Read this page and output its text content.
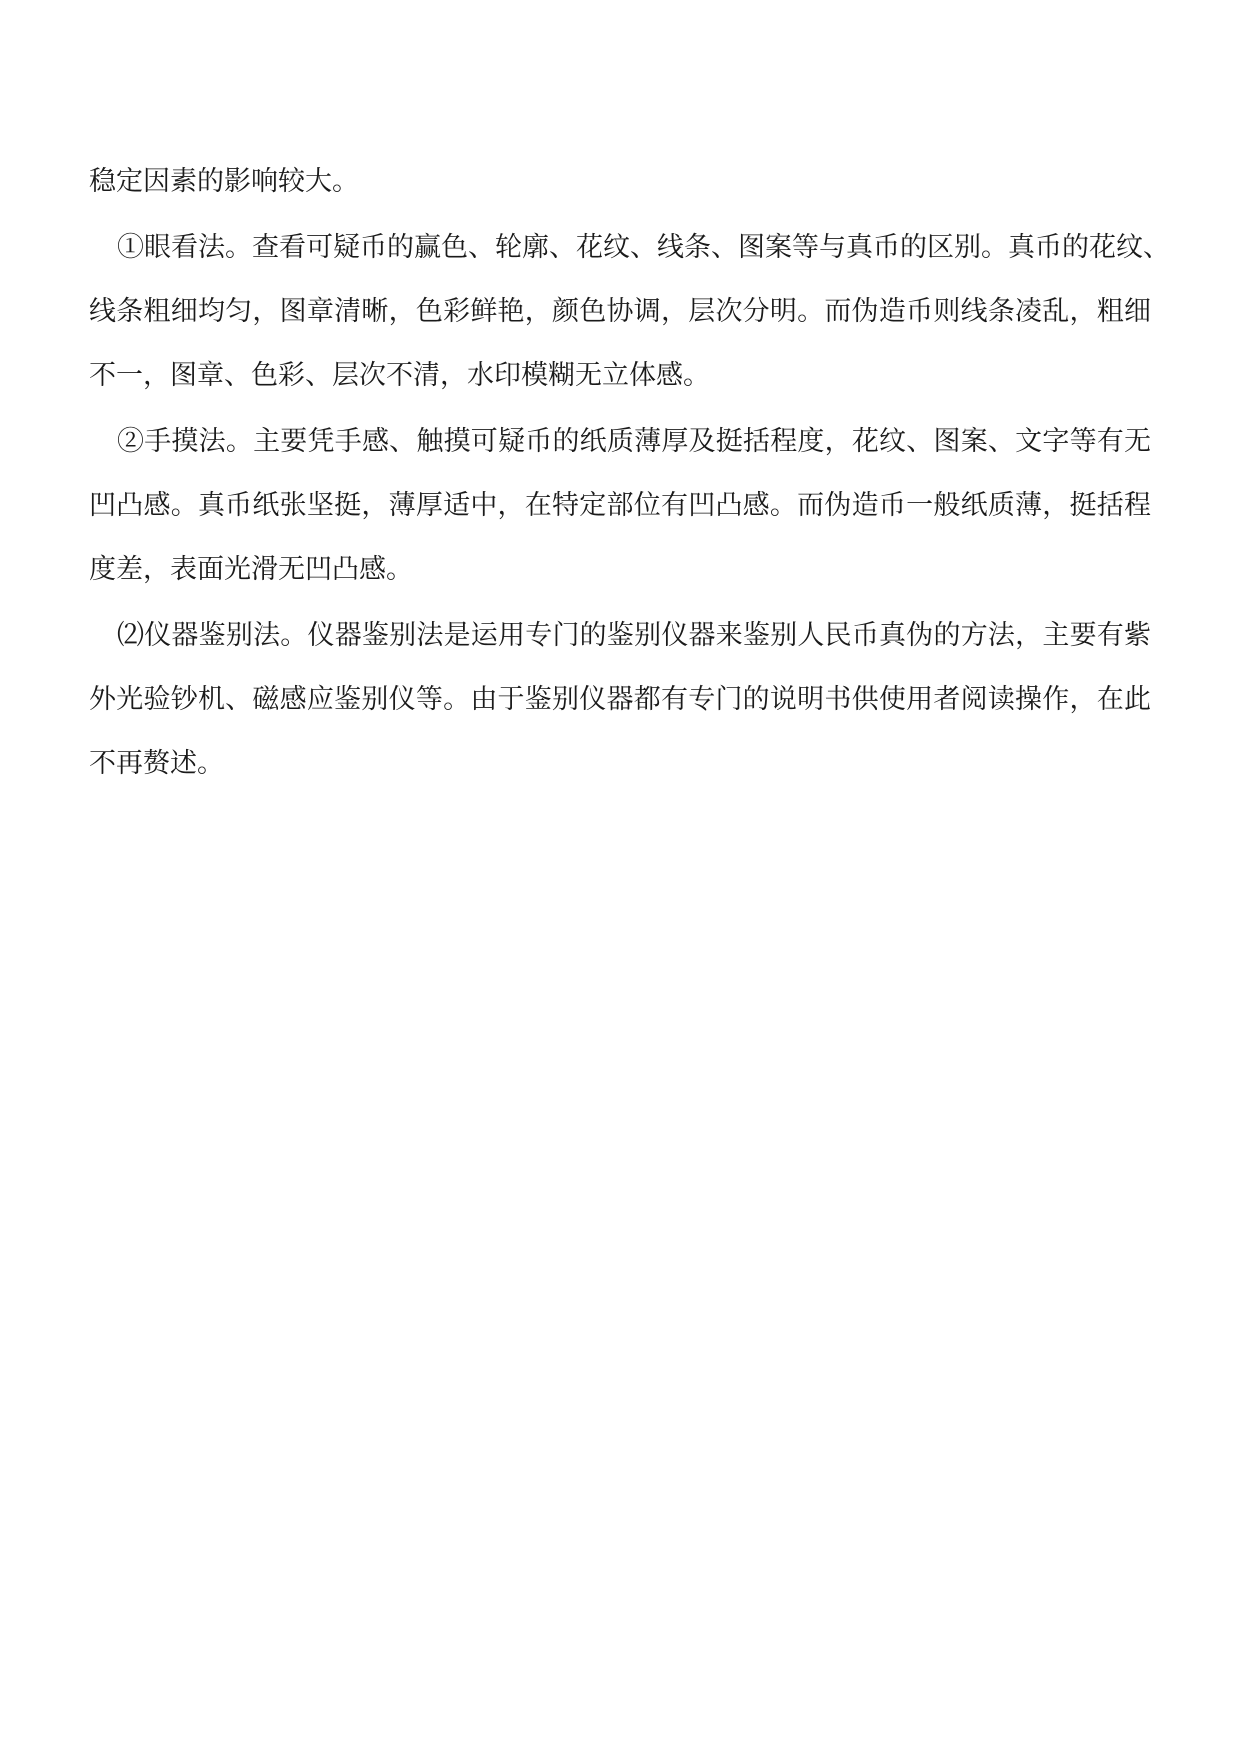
稳定因素的影响较大。
①眼看法。查看可疑币的赢色、轮廓、花纹、线条、图案等与真币的区别。真币的花纹、
线条粗细均匀，图章清晰，色彩鲜艳，颜色协调，层次分明。而伪造币则线条凌乱，粗细
不一，图章、色彩、层次不清，水印模糊无立体感。
②手摸法。主要凭手感、触摸可疑币的纸质薄厚及挺括程度，花纹、图案、文字等有无
凹凸感。真币纸张坚挺，薄厚适中，在特定部位有凹凸感。而伪造币一般纸质薄，挺括程
度差，表面光滑无凹凸感。
⑵仪器鉴别法。仪器鉴别法是运用专门的鉴别仪器来鉴别人民币真伪的方法，主要有紫
外光验钞机、磁感应鉴别仪等。由于鉴别仪器都有专门的说明书供使用者阅读操作，在此
不再赘述。
